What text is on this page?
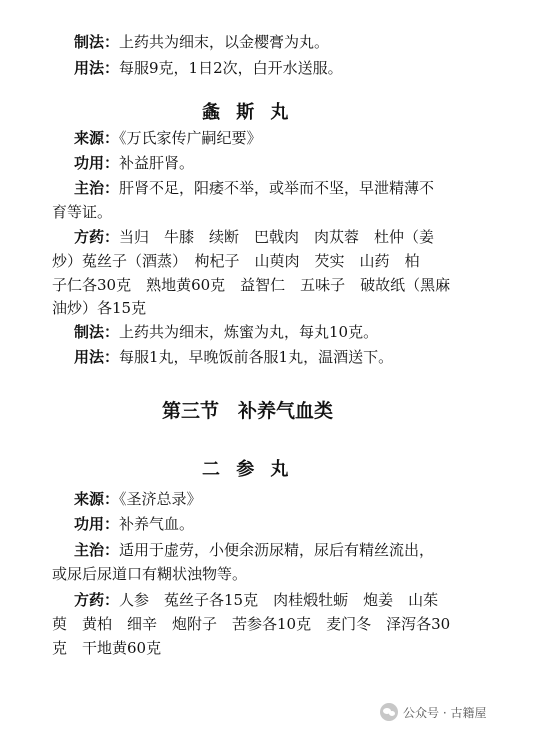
制法：上药共为细末，以金樱膏为丸。
用法：每服9克，1日2次，白开水送服。
螽斯丸
来源：《万氏家传广嗣纪要》
功用：补益肝肾。
主治：肝肾不足，阳痿不举，或举而不坚，早泄精薄不
育等证。
方药：当归　牛膝　续断　巴戟肉　肉苁蓉　杜仲（姜
炒）菟丝子（酒蒸）　枸杞子　山萸肉　芡实　山药　柏
子仁各30克　熟地黄60克　益智仁　五味子　破故纸（黑麻
油炒）各15克
制法：上药共为细末，炼蜜为丸，每丸10克。
用法：每服1丸，早晚饭前各服1丸，温酒送下。
第三节　补养气血类
二参丸
来源：《圣济总录》
功用：补养气血。
主治：适用于虚劳，小便余沥尿精，尿后有精丝流出，
或尿后尿道口有糊状浊物等。
方药：人参　菟丝子各15克　肉桂煅牡蛎　炮姜　山茱
萸　黄柏　细辛　炮附子　苦参各10克　麦门冬　泽泻各30
克　干地黄60克
公众号 · 古籍屋
